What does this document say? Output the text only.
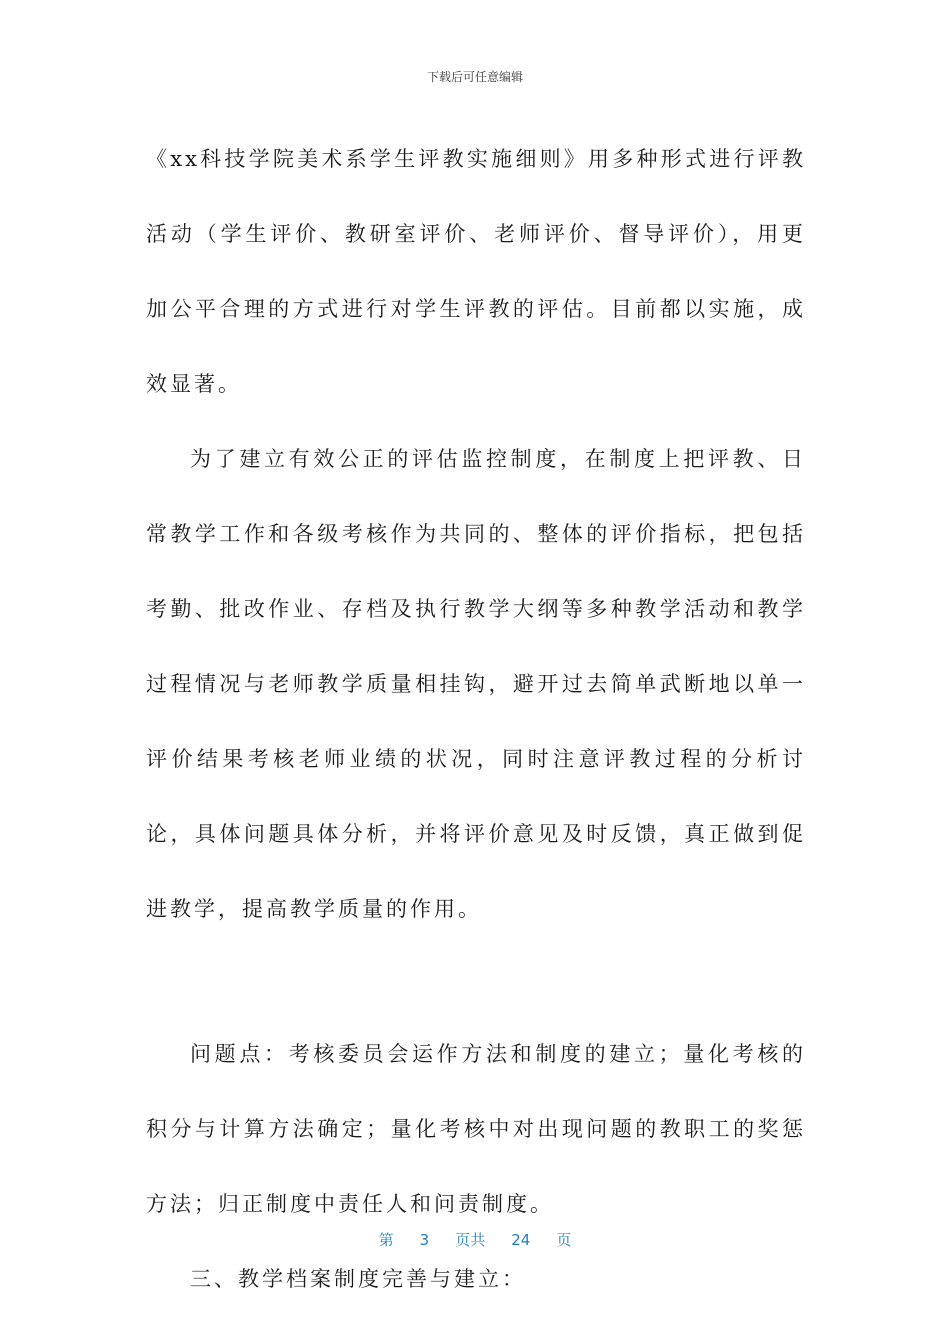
下载后可任意编辑

《xx科技学院美术系学生评教实施细则》用多种形式进行评教活动（学生评价、教研室评价、老师评价、督导评价），用更加公平合理的方式进行对学生评教的评估。目前都以实施，成效显著。

为了建立有效公正的评估监控制度，在制度上把评教、日常教学工作和各级考核作为共同的、整体的评价指标，把包括考勤、批改作业、存档及执行教学大纲等多种教学活动和教学过程情况与老师教学质量相挂钩，避开过去简单武断地以单一评价结果考核老师业绩的状况，同时注意评教过程的分析讨论，具体问题具体分析，并将评价意见及时反馈，真正做到促进教学，提高教学质量的作用。

问题点：考核委员会运作方法和制度的建立；量化考核的积分与计算方法确定；量化考核中对出现问题的教职工的奖惩方法；归正制度中责任人和问责制度。

三、教学档案制度完善与建立：

第 3 页共 24 页
